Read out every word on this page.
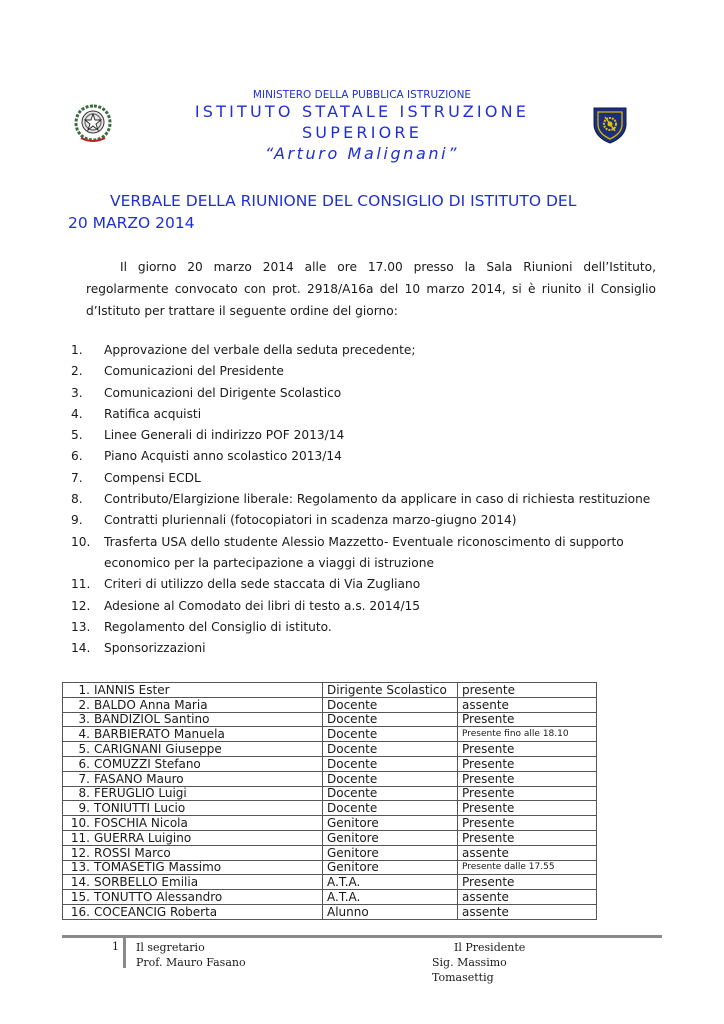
MINISTERO DELLA PUBBLICA ISTRUZIONE
ISTITUTO STATALE ISTRUZIONE
SUPERIORE
“Arturo Malignani”
VERBALE DELLA RIUNIONE DEL CONSIGLIO DI ISTITUTO DEL
20 MARZO 2014
Il giorno 20 marzo 2014 alle ore 17.00 presso la Sala Riunioni dell’Istituto,
regolarmente convocato con prot. 2918/A16a del 10 marzo 2014, si è riunito il Consiglio
d’Istituto per trattare il seguente ordine del giorno:
1.	Approvazione del verbale della seduta precedente;
2.	Comunicazioni del Presidente
3.	Comunicazioni del Dirigente Scolastico
4.	Ratifica acquisti
5.	Linee Generali di indirizzo POF 2013/14
6.	Piano Acquisti anno scolastico 2013/14
7.	Compensi ECDL
8.	Contributo/Elargizione liberale: Regolamento da applicare in caso di richiesta restituzione
9.	Contratti pluriennali (fotocopiatori in scadenza marzo-giugno 2014)
10.	Trasferta USA dello studente Alessio Mazzetto- Eventuale riconoscimento di supporto
economico per la partecipazione a viaggi di istruzione
11.	Criteri di utilizzo della sede staccata di Via Zugliano
12.	Adesione al Comodato dei libri di testo a.s. 2014/15
13.	Regolamento del Consiglio di istituto.
14.	Sponsorizzazioni
1. IANNIS Ester	Dirigente Scolastico	presente
2. BALDO Anna Maria	Docente	assente
3. BANDIZIOL Santino	Docente	Presente
4. BARBIERATO Manuela	Docente	Presente fino alle 18.10
5. CARIGNANI Giuseppe	Docente	Presente
6. COMUZZI Stefano	Docente	Presente
7. FASANO Mauro	Docente	Presente
8. FERUGLIO Luigi	Docente	Presente
9. TONIUTTI Lucio	Docente	Presente
10. FOSCHIA Nicola	Genitore	Presente
11. GUERRA Luigino	Genitore	Presente
12. ROSSI Marco	Genitore	assente
13. TOMASETIG Massimo	Genitore	Presente dalle 17.55
14. SORBELLO Emilia	A.T.A.	Presente
15. TONUTTO Alessandro	A.T.A.	assente
16. COCEANCIG Roberta	Alunno	assente
1 Il segretario
Prof. Mauro Fasano
Il Presidente
Sig. Massimo Tomasettig
